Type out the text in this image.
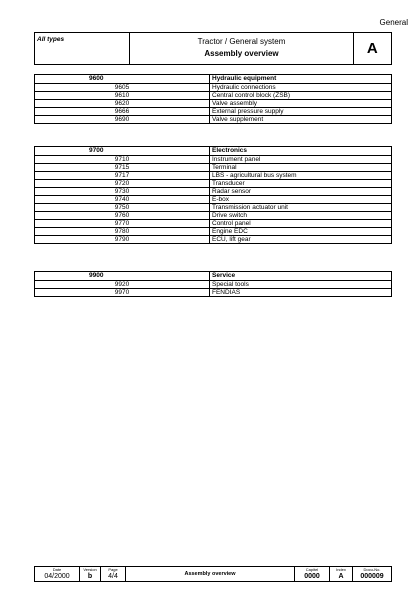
General
All types	Tractor / General system
Assembly overview	A
9600	Hydraulic equipment
9605	Hydraulic connections
9610	Central control block (ZSB)
9620	Valve assembly
9666	External pressure supply
9690	Valve supplement
9700	Electronics
9710	Instrument panel
9715	Terminal
9717	LBS - agricultural bus system
9720	Transducer
9730	Radar sensor
9740	E-box
9750	Transmission actuator unit
9760	Drive switch
9770	Control panel
9780	Engine EDC
9790	ECU, lift gear
9900	Service
9920	Special tools
9970	FENDIAS
Date
04/2000

Version
b

Page
4/4	Assembly overview	
Capitel
0000

Index
A

Docu-No.
000009
